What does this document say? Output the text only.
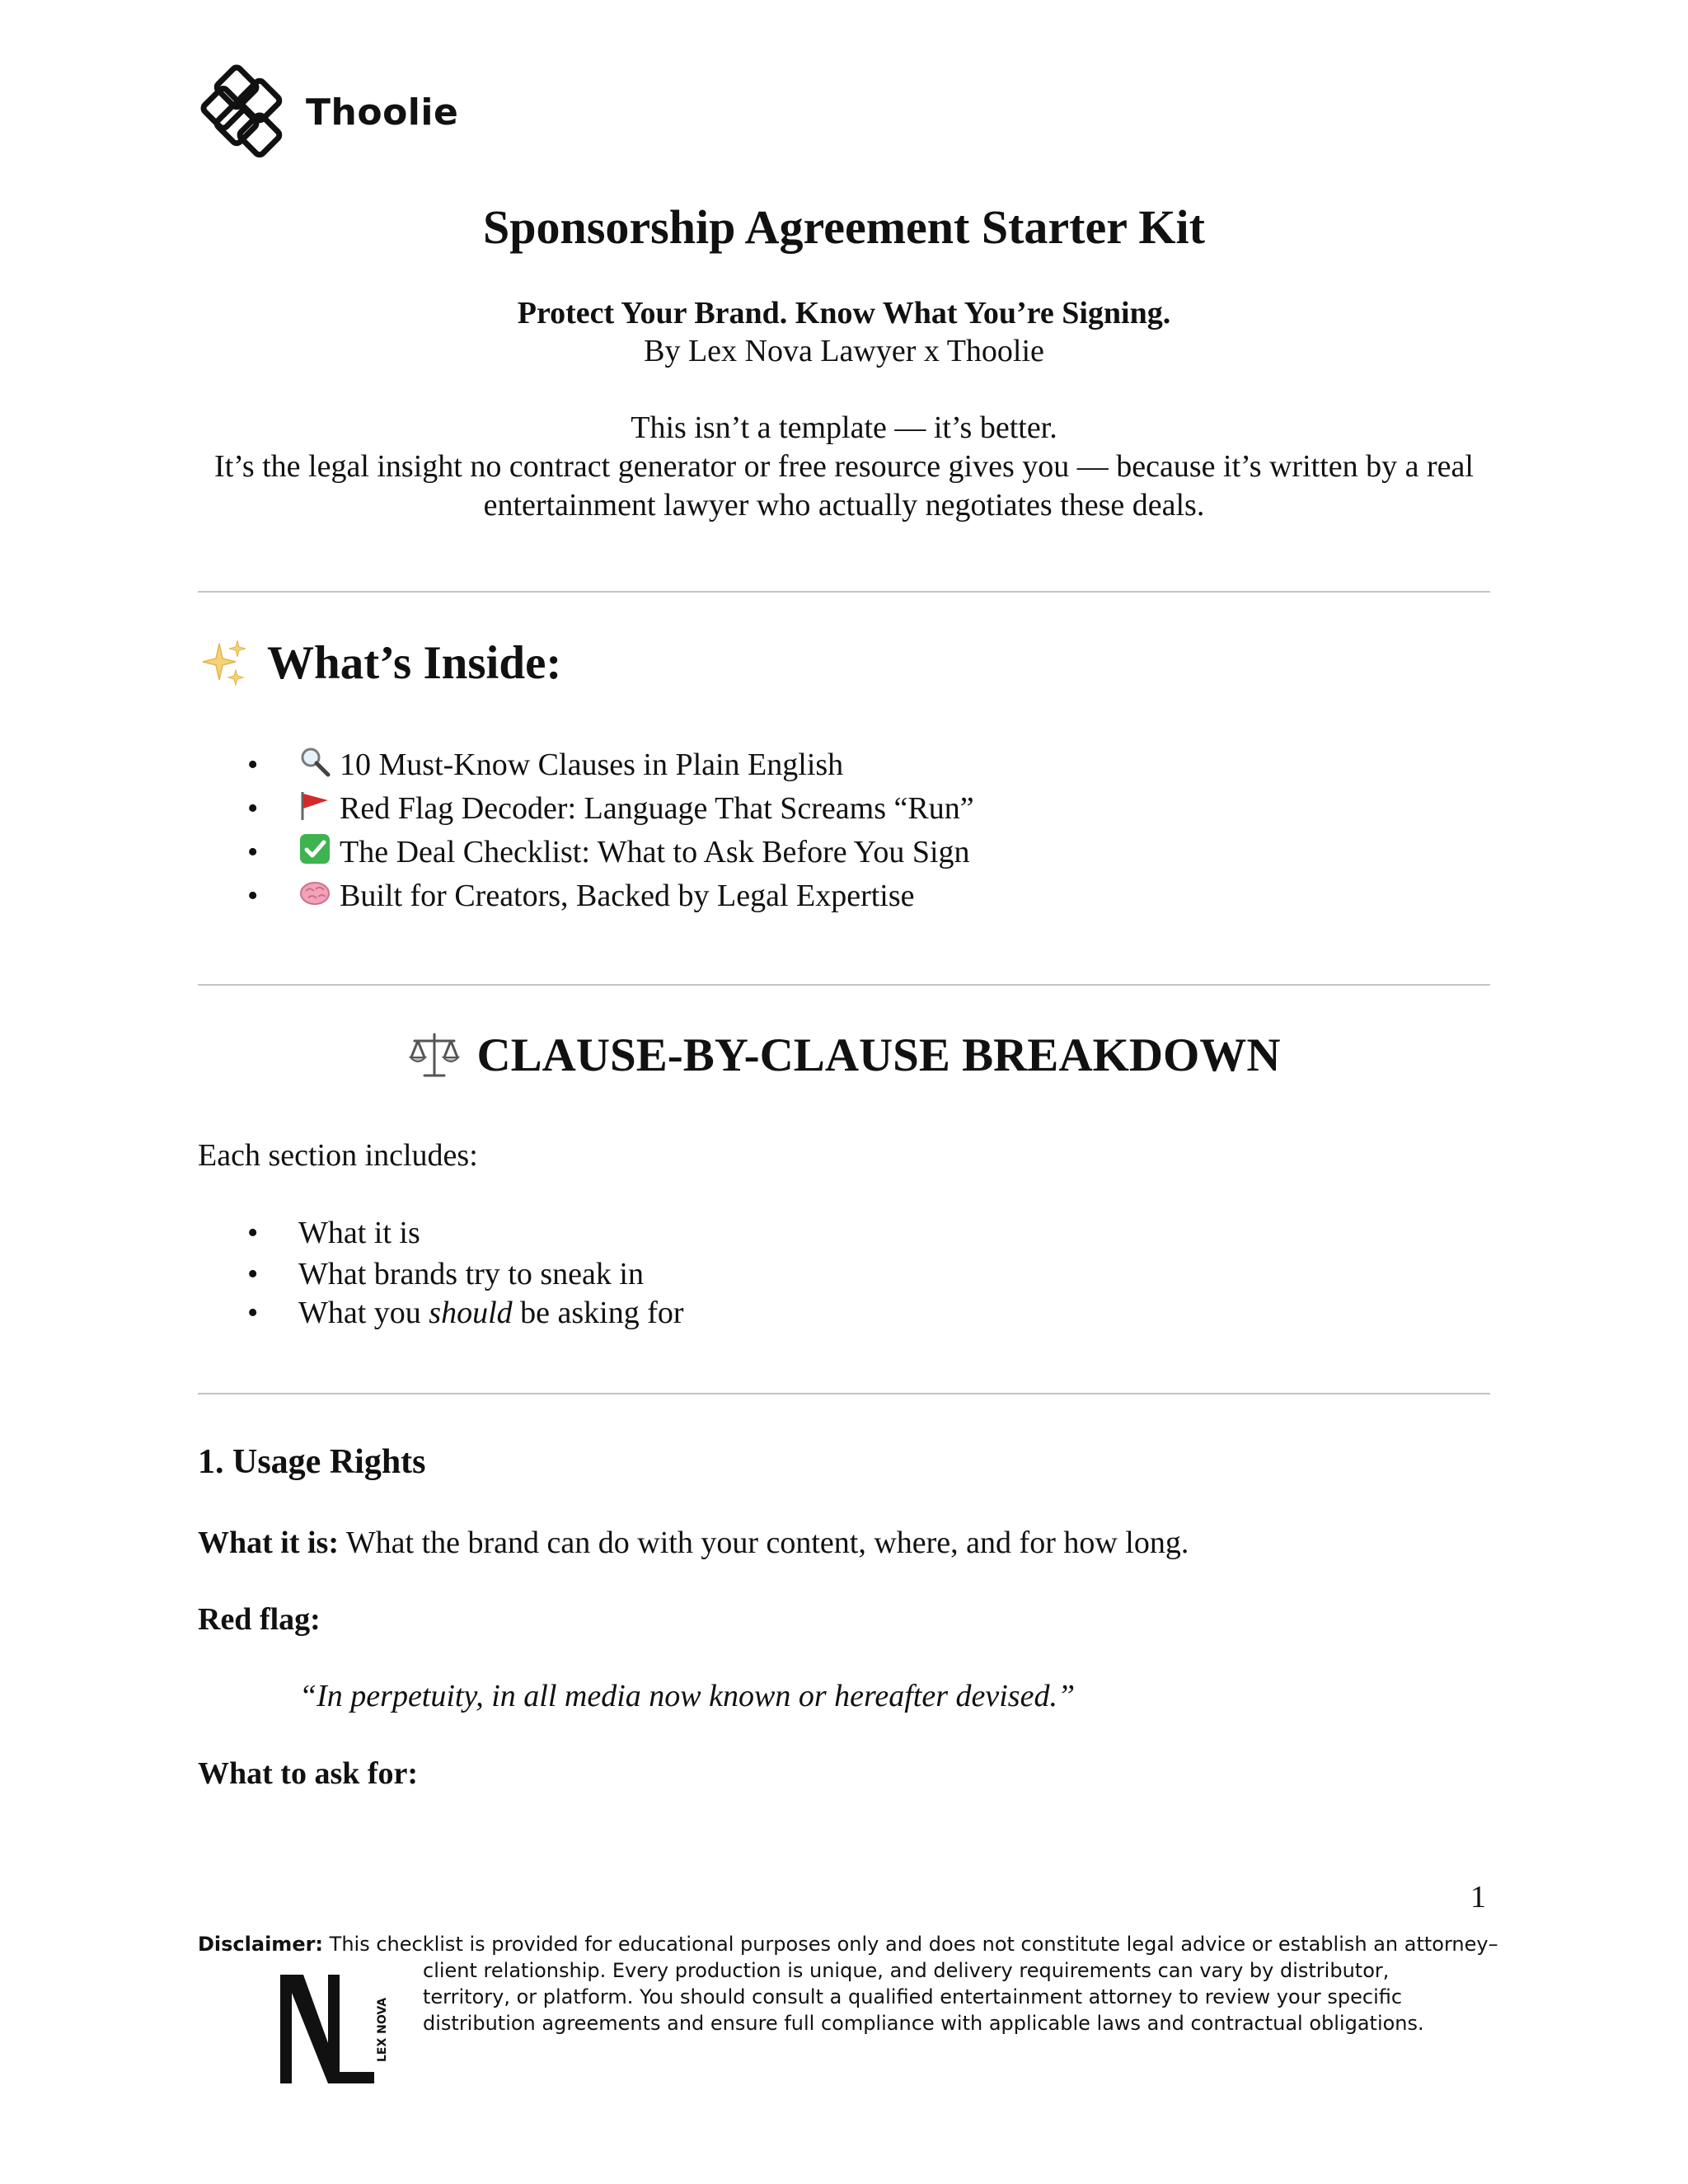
Thoolie
Sponsorship Agreement Starter Kit
Protect Your Brand. Know What You’re Signing.
By Lex Nova Lawyer x Thoolie
This isn’t a template — it’s better.
It’s the legal insight no contract generator or free resource gives you — because it’s written by a real entertainment lawyer who actually negotiates these deals.
What’s Inside:
•	10 Must-Know Clauses in Plain English
•	Red Flag Decoder: Language That Screams “Run”
•	The Deal Checklist: What to Ask Before You Sign
•	Built for Creators, Backed by Legal Expertise
CLAUSE-BY-CLAUSE BREAKDOWN
Each section includes:
• What it is
• What brands try to sneak in
• What you should be asking for
1. Usage Rights
What it is: What the brand can do with your content, where, and for how long.
Red flag:
“In perpetuity, in all media now known or hereafter devised.”
What to ask for:
1
Disclaimer: This checklist is provided for educational purposes only and does not constitute legal advice or establish an attorney–
client relationship. Every production is unique, and delivery requirements can vary by distributor, territory, or platform. You should consult a qualified entertainment attorney to review your specific distribution agreements and ensure full compliance with applicable laws and contractual obligations.
LEX NOVA
